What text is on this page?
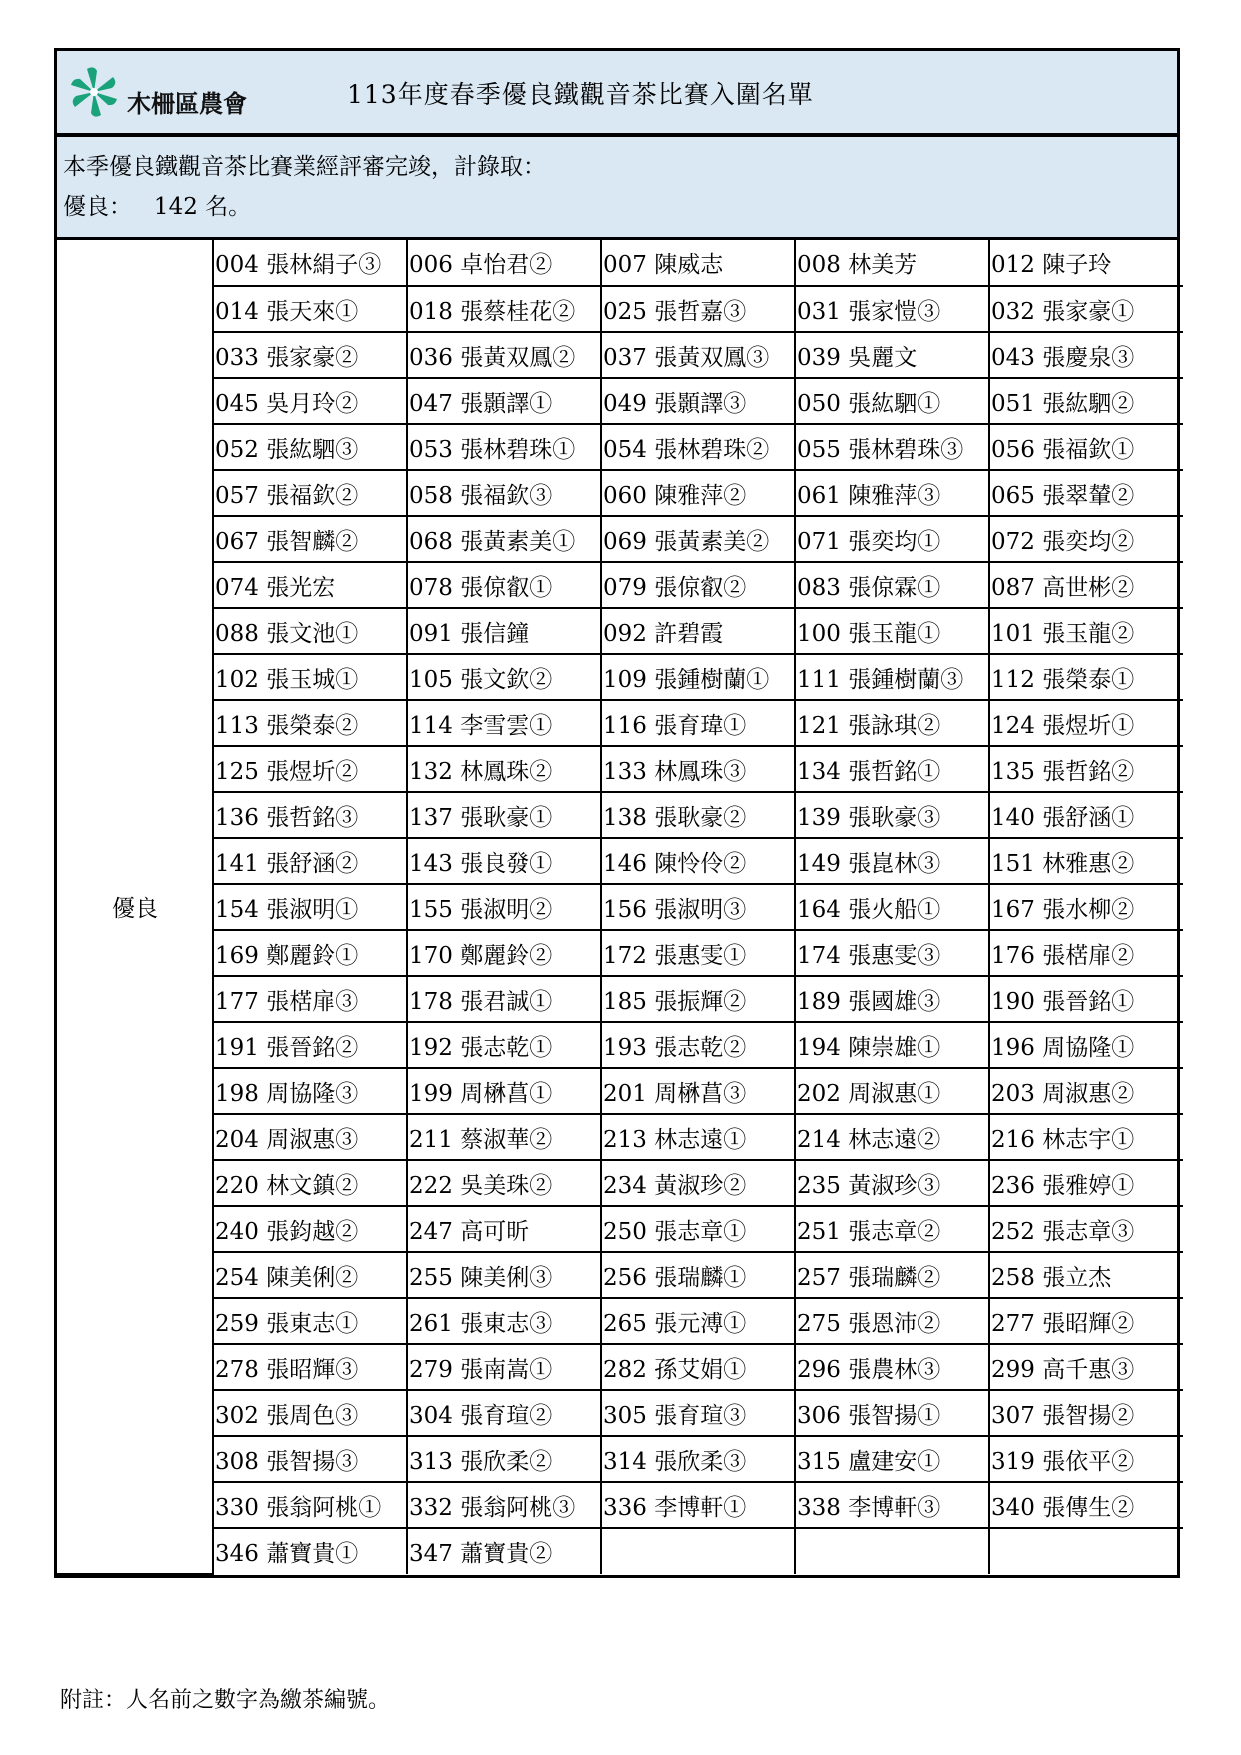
木柵區農會	113年度春季優良鐵觀音茶比賽入圍名單
本季優良鐵觀音茶比賽業經評審完竣，計錄取：
優良：   142 名。
優良	004 張林絹子③	006 卓怡君②	007 陳威志	008 林美芳	012 陳子玲
	014 張天來①	018 張蔡桂花②	025 張哲嘉③	031 張家愷③	032 張家豪①
	033 張家豪②	036 張黃双鳳②	037 張黃双鳳③	039 吳麗文	043 張慶泉③
	045 吳月玲②	047 張顥譯①	049 張顥譯③	050 張紘駟①	051 張紘駟②
	052 張紘駟③	053 張林碧珠①	054 張林碧珠②	055 張林碧珠③	056 張福欽①
	057 張福欽②	058 張福欽③	060 陳雅萍②	061 陳雅萍③	065 張翠輦②
	067 張智麟②	068 張黃素美①	069 張黃素美②	071 張奕均①	072 張奕均②
	074 張光宏	078 張倞叡①	079 張倞叡②	083 張倞霖①	087 高世彬②
	088 張文池①	091 張信鐘	092 許碧霞	100 張玉龍①	101 張玉龍②
	102 張玉城①	105 張文欽②	109 張鍾樹蘭①	111 張鍾樹蘭③	112 張榮泰①
	113 張榮泰②	114 李雪雲①	116 張育瑋①	121 張詠琪②	124 張煜圻①
	125 張煜圻②	132 林鳳珠②	133 林鳳珠③	134 張哲銘①	135 張哲銘②
	136 張哲銘③	137 張耿豪①	138 張耿豪②	139 張耿豪③	140 張舒涵①
	141 張舒涵②	143 張良發①	146 陳怜伶②	149 張崑林③	151 林雅惠②
	154 張淑明①	155 張淑明②	156 張淑明③	164 張火船①	167 張水柳②
	169 鄭麗鈴①	170 鄭麗鈴②	172 張惠雯①	174 張惠雯③	176 張楛扉②
	177 張楛扉③	178 張君誠①	185 張振輝②	189 張國雄③	190 張晉銘①
	191 張晉銘②	192 張志乾①	193 張志乾②	194 陳崇雄①	196 周協隆①
	198 周協隆③	199 周楙菖①	201 周楙菖③	202 周淑惠①	203 周淑惠②
	204 周淑惠③	211 蔡淑華②	213 林志遠①	214 林志遠②	216 林志宇①
	220 林文鎮②	222 吳美珠②	234 黃淑珍②	235 黃淑珍③	236 張雅婷①
	240 張鈞越②	247 高可昕	250 張志章①	251 張志章②	252 張志章③
	254 陳美俐②	255 陳美俐③	256 張瑞麟①	257 張瑞麟②	258 張立杰
	259 張東志①	261 張東志③	265 張元溥①	275 張恩沛②	277 張昭輝②
	278 張昭輝③	279 張南嵩①	282 孫艾娟①	296 張農林③	299 高千惠③
	302 張周色③	304 張育瑄②	305 張育瑄③	306 張智揚①	307 張智揚②
	308 張智揚③	313 張欣柔②	314 張欣柔③	315 盧建安①	319 張依平②
	330 張翁阿桃①	332 張翁阿桃③	336 李博軒①	338 李博軒③	340 張傳生②
	346 蕭寶貴①	347 蕭寶貴②			
附註：人名前之數字為繳茶編號。
